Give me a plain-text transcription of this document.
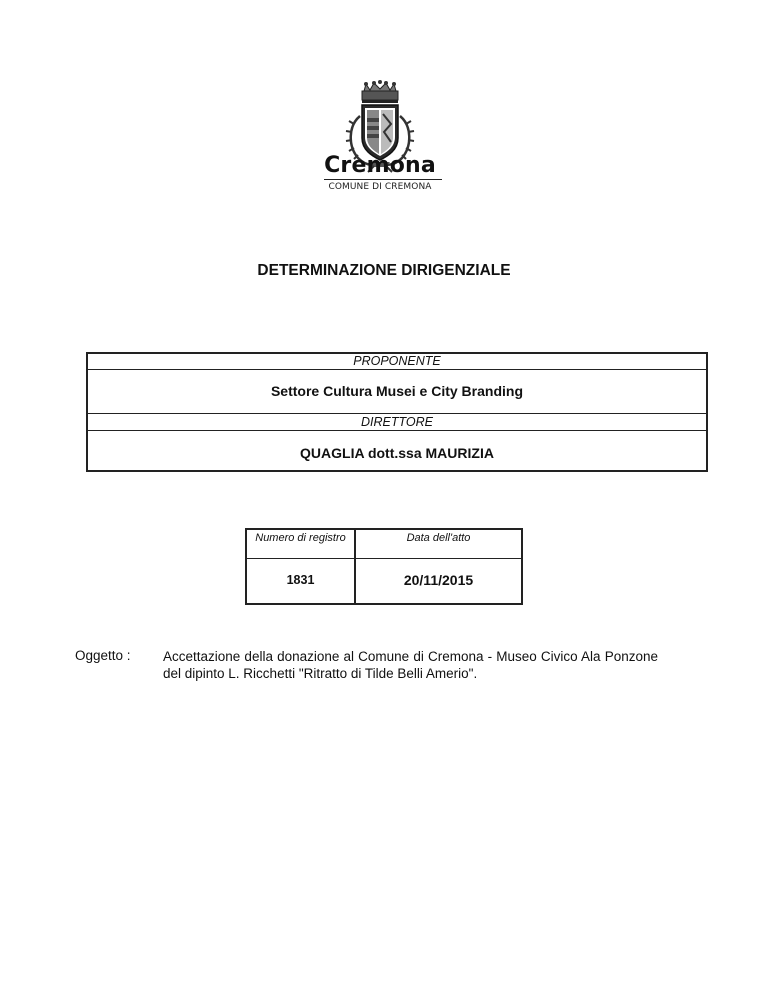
Cremona
COMUNE DI CREMONA
DETERMINAZIONE DIRIGENZIALE
PROPONENTE
Settore Cultura Musei e City Branding
DIRETTORE
QUAGLIA dott.ssa MAURIZIA
Numero di registro	Data dell'atto
1831	20/11/2015
Oggetto : Accettazione della donazione al Comune di Cremona - Museo Civico Ala Ponzone del dipinto L. Ricchetti "Ritratto di Tilde Belli Amerio".
